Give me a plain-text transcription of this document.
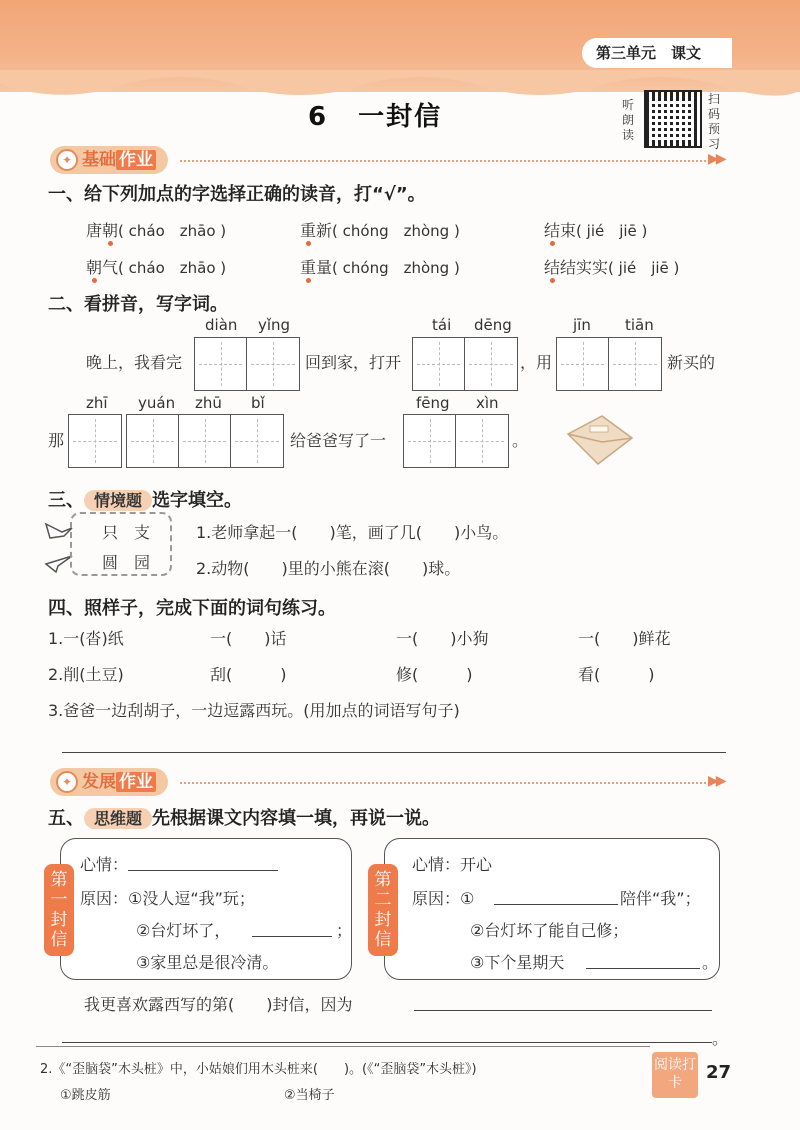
第三单元　课文
6 一封信	听朗读
扫码预习
✦ 基础 作业	▶▶
一、给下列加点的字选择正确的读音，打“√”。
唐朝( cháo　zhāo )	重新( chóng　zhòng )	结束( jié　jiē )
朝气( cháo　zhāo )	重量( chóng　zhòng )	结结实实( jié　jiē )
二、看拼音，写字词。
diàn yǐng	tái dēng	jīn tiān
晚上，我看完	回到家，打开	，用	新买的
zhī yuán zhū bǐ	fēng xìn
那	给爸爸写了一	。
三、 情境题 选字填空。
只　支
圆　园
1.老师拿起一(　　)笔，画了几(　　)小鸟。
2.动物(　　)里的小熊在滚(　　)球。
四、照样子，完成下面的词句练习。
1.一(沓)纸	一(　　)话	一(　　)小狗	一(　　)鲜花
2.削(土豆)	刮(　　　)	修(　　　)	看(　　　)
3.爸爸一边刮胡子，一边逗露西玩。(用加点的词语写句子)
✦ 发展 作业	▶▶
五、 思维题 先根据课文内容填一填，再说一说。
第一封信
心情：
原因：①没人逗“我”玩；
②台灯坏了，	；
③家里总是很冷清。
第二封信
心情：开心
原因：①	陪伴“我”；
②台灯坏了能自己修；
③下个星期天	。
我更喜欢露西写的第(　　)封信，因为
。
2.《“歪脑袋”木头桩》中，小姑娘们用木头桩来(　　)。(《“歪脑袋”木头桩》)
①跳皮筋	②当椅子
阅读打卡	27
